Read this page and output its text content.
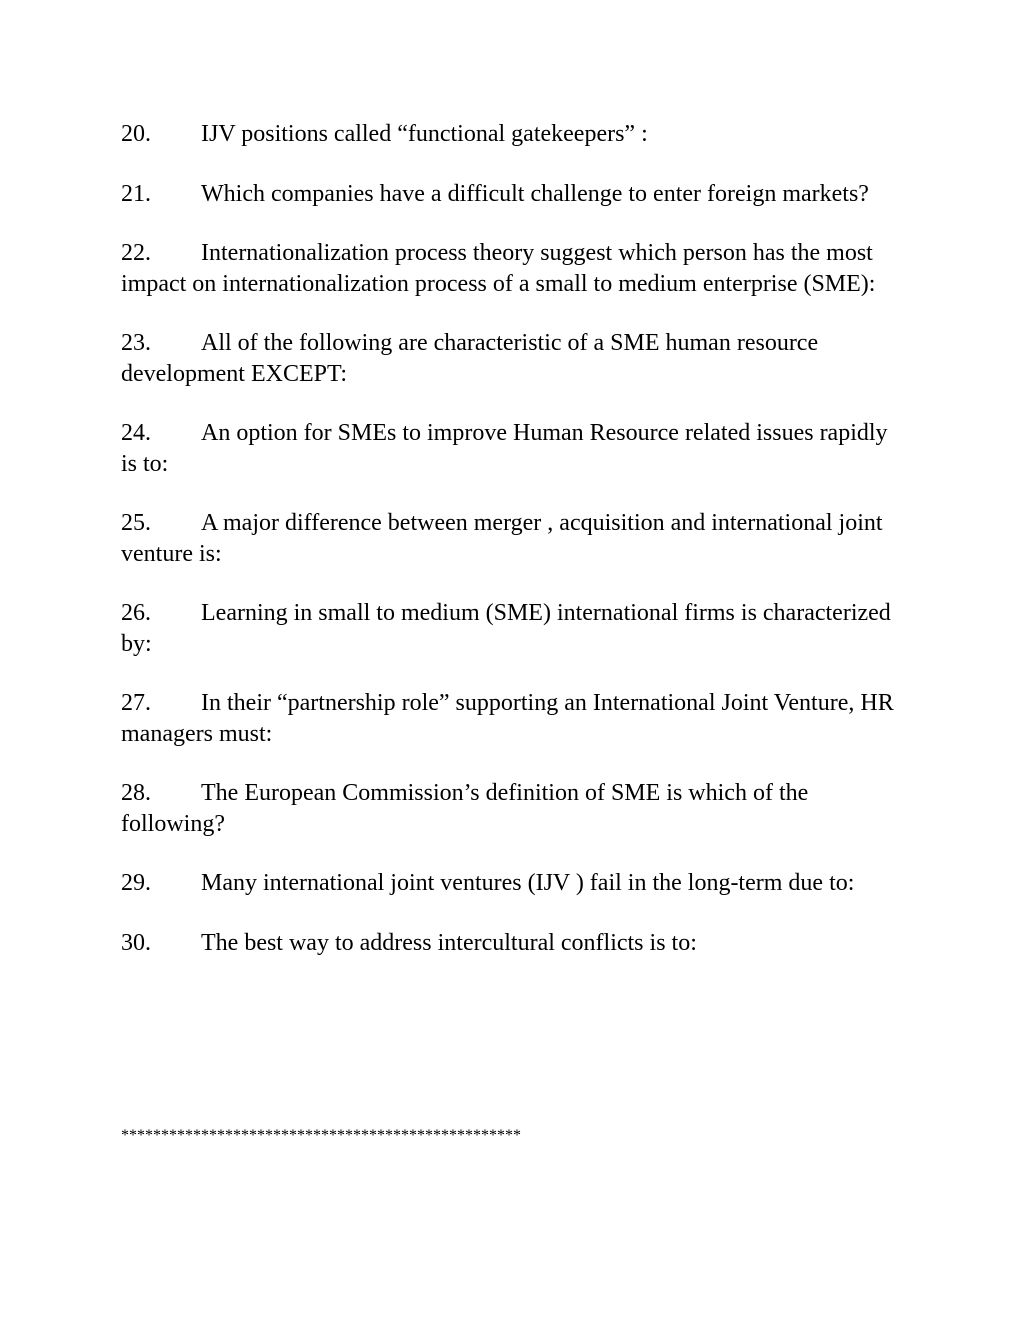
20. IJV positions called “functional gatekeepers” :

21. Which companies have a difficult challenge to enter foreign markets?

22. Internationalization process theory suggest which person has the most impact on internationalization process of a small to medium enterprise (SME):

23. All of the following are characteristic of a SME human resource development EXCEPT:

24. An option for SMEs to improve Human Resource related issues rapidly is to:

25. A major difference between merger , acquisition and international joint venture is:

26. Learning in small to medium (SME) international firms is characterized by:

27. In their “partnership role” supporting an International Joint Venture, HR managers must:

28. The European Commission’s definition of SME is which of the following?

29. Many international joint ventures (IJV ) fail in the long-term due to:

30. The best way to address intercultural conflicts is to:

**************************************************
